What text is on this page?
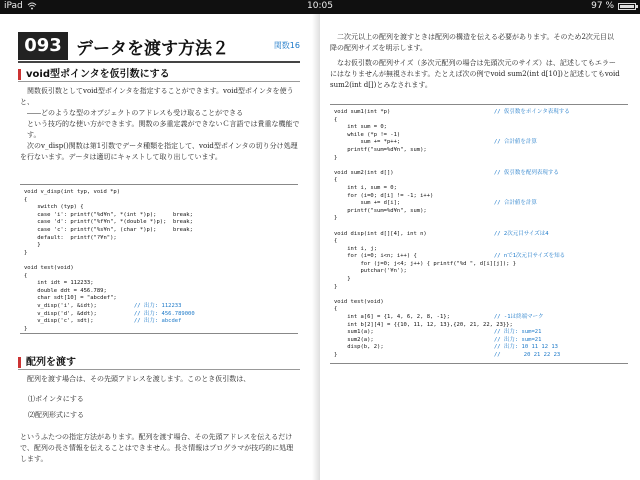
iPad	10:05	97 %
093 データを渡す方法２	関数16
void型ポインタを仮引数にする

関数仮引数としてvoid型ポインタを指定することができます。void型ポインタを使うと、

――どのような型のオブジェクトのアドレスも受け取ることができる

という技巧的な使い方ができます。関数の多重定義ができないＣ言語では貴重な機能です。

次のv_disp()関数は第1引数でデータ種類を指定して、void型ポインタの切り分け処理を行ないます。データは適切にキャストして取り出しています。

void v_disp(int typ, void *p)
{
switch (typ) {
case 'i': printf("%d¥n", *(int *)p);     break;
case 'd': printf("%f¥n", *(double *)p);  break;
case 'c': printf("%s¥n", (char *)p);     break;
default:  printf("?¥n");
}
}

void test(void)
{
int idt = 112233;
double ddt = 456.789;
char sdt[10] = "abcdef";
v_disp('i', &idt);	// 出力: 112233
v_disp('d', &ddt);	// 出力: 456.789000
v_disp('c', sdt);	// 出力: abcdef
}
配列を渡す

配列を渡す場合は、その先頭アドレスを渡します。このとき仮引数は、

⑴ポインタにする

⑵配列形式にする

というふたつの指定方法があります。配列を渡す場合、その先頭アドレスを伝えるだけで、配列の長さ情報を伝えることはできません。長さ情報はプログラマが技巧的に処理します。

二次元以上の配列を渡すときは配列の構造を伝える必要があります。そのため2次元目以降の配列サイズを明示します。

なお仮引数の配列サイズ（多次元配列の場合は先頭次元のサイズ）は、記述してもエラーにはなりませんが無視されます。たとえば次の例でvoid sum2(int d[10])と記述してもvoid sum2(int d[])とみなされます。

void sum1(int *p)	// 仮引数をポインタ表現する
{
int sum = 0;
while (*p != -1)
sum += *p++;	// 合計値を計算
printf("sum=%d¥n", sum);
}

void sum2(int d[])	// 仮引数を配列表現する
{
int i, sum = 0;
for (i=0; d[i] != -1; i++)
sum += d[i];	// 合計値を計算
printf("sum=%d¥n", sum);
}

void disp(int d[][4], int n)	// 2次元目サイズは4
{
int i, j;
for (i=0; i<n; i++) {	// nで1次元目サイズを知る
for (j=0; j<4; j++) { printf("%d ", d[i][j]); }
putchar('¥n');
}
}

void test(void)
{
int a[6] = {1, 4, 6, 2, 8, -1};	// -1は終端マーク
int b[2][4] = {{10, 11, 12, 13},{20, 21, 22, 23}};
sum1(a);	// 出力: sum=21
sum2(a);	// 出力: sum=21
disp(b, 2);	// 出力: 10 11 12 13
}	//       20 21 22 23
